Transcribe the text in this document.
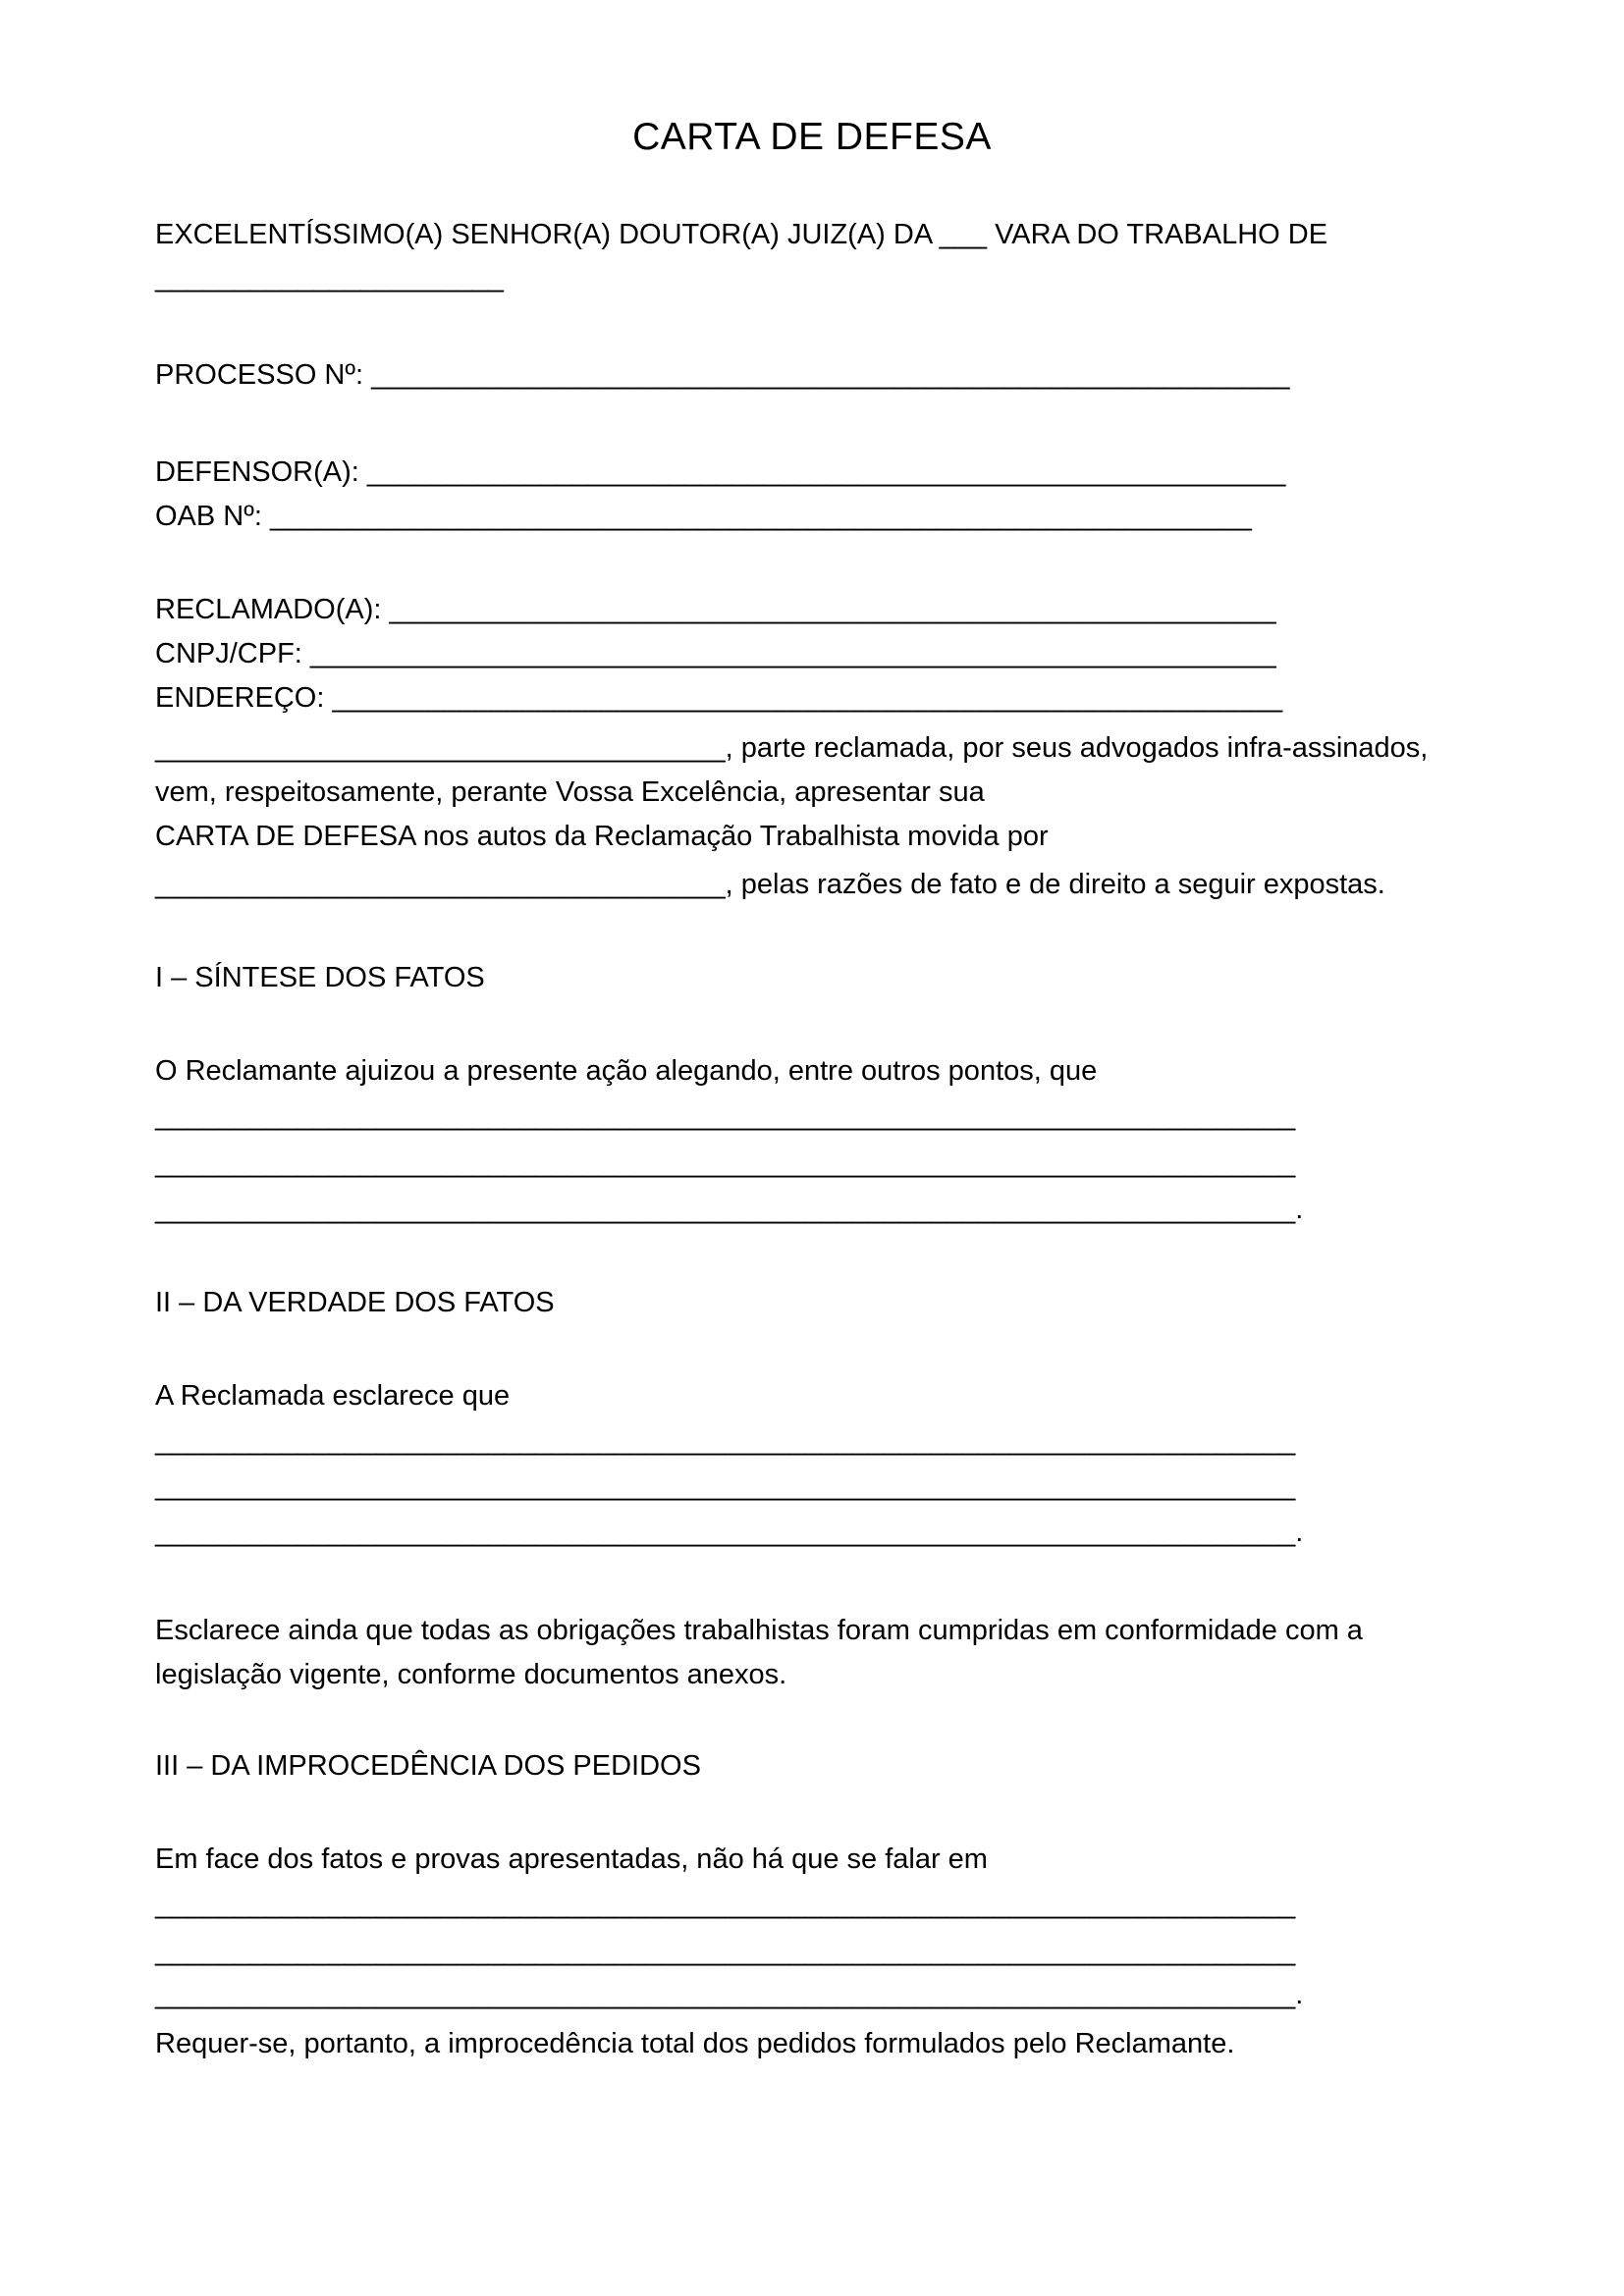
CARTA DE DEFESA
EXCELENTÍSSIMO(A) SENHOR(A) DOUTOR(A) JUIZ(A) DA ___ VARA DO TRABALHO DE
______________________
PROCESSO Nº: __________________________________________________________
DEFENSOR(A): __________________________________________________________
OAB Nº: ______________________________________________________________
RECLAMADO(A): ________________________________________________________
CNPJ/CPF: _____________________________________________________________
ENDEREÇO: ____________________________________________________________
____________________________________, parte reclamada, por seus advogados infra-assinados,
vem, respeitosamente, perante Vossa Excelência, apresentar sua
CARTA DE DEFESA nos autos da Reclamação Trabalhista movida por
____________________________________, pelas razões de fato e de direito a seguir expostas.
I – SÍNTESE DOS FATOS
O Reclamante ajuizou a presente ação alegando, entre outros pontos, que
________________________________________________________________________
________________________________________________________________________
________________________________________________________________________.
II – DA VERDADE DOS FATOS
A Reclamada esclarece que
________________________________________________________________________
________________________________________________________________________
________________________________________________________________________.
Esclarece ainda que todas as obrigações trabalhistas foram cumpridas em conformidade com a
legislação vigente, conforme documentos anexos.
III – DA IMPROCEDÊNCIA DOS PEDIDOS
Em face dos fatos e provas apresentadas, não há que se falar em
________________________________________________________________________
________________________________________________________________________
________________________________________________________________________.
Requer-se, portanto, a improcedência total dos pedidos formulados pelo Reclamante.
